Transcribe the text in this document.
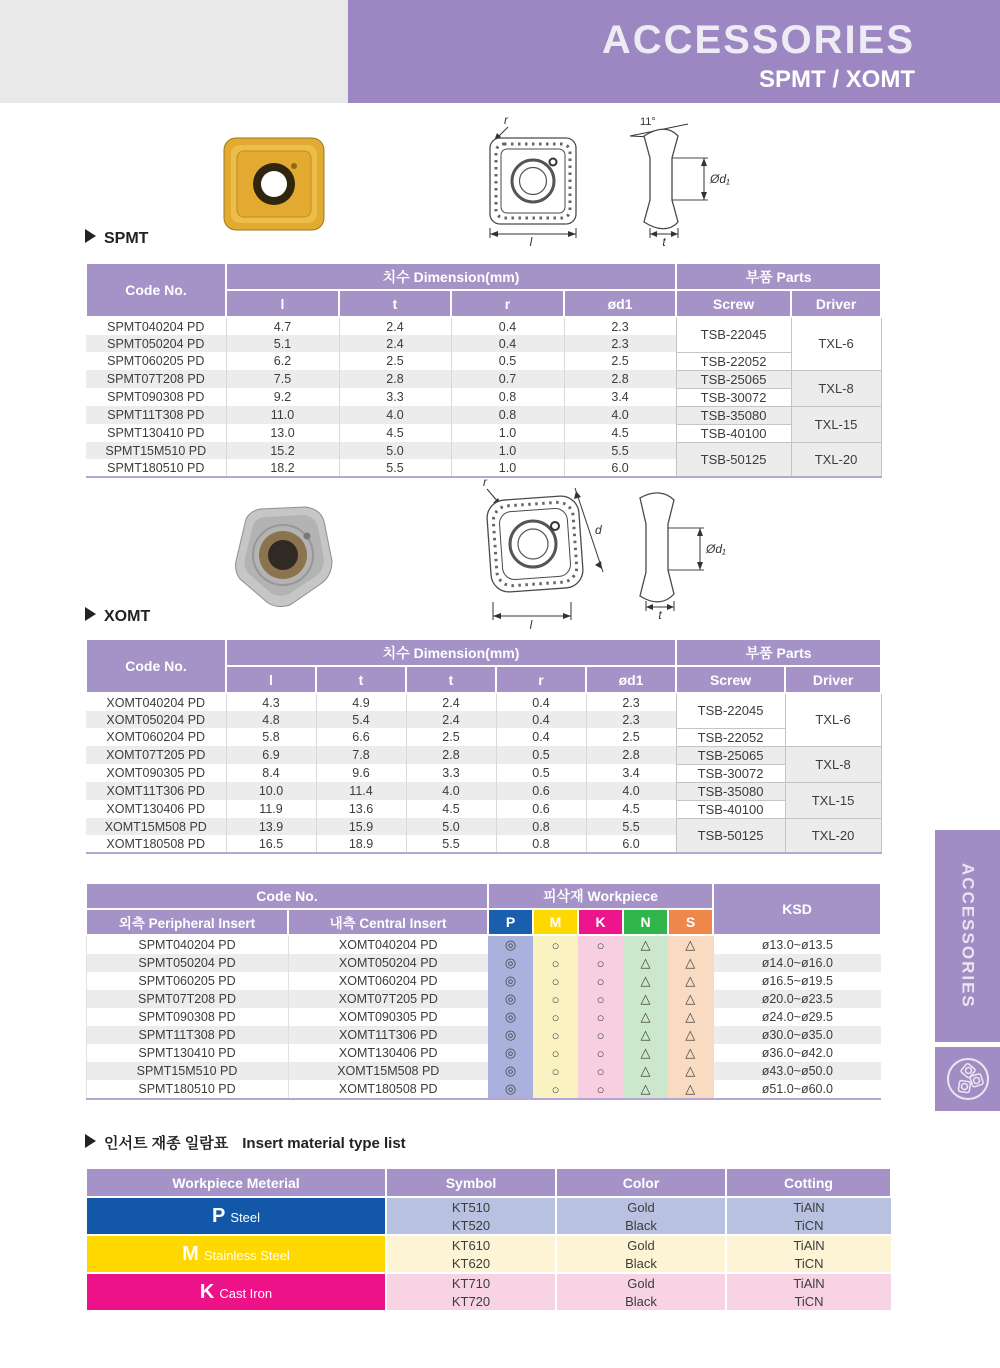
ACCESSORIES
SPMT / XOMT
r
l
11°
Ød₁
t
SPMT
Code No.	치수 Dimension(mm)				부품 Parts	
	l	t	r	ød1	Screw	Driver
SPMT040204 PD	4.7	2.4	0.4	2.3	TSB-22045	TXL-6
SPMT050204 PD	5.1	2.4	0.4	2.3		
SPMT060205 PD	6.2	2.5	0.5	2.5	TSB-22052	
SPMT07T208 PD	7.5	2.8	0.7	2.8	TSB-25065	TXL-8
SPMT090308 PD	9.2	3.3	0.8	3.4	TSB-30072	
SPMT11T308 PD	11.0	4.0	0.8	4.0	TSB-35080	TXL-15
SPMT130410 PD	13.0	4.5	1.0	4.5	TSB-40100	
SPMT15M510 PD	15.2	5.0	1.0	5.5	TSB-50125	TXL-20
SPMT180510 PD	18.2	5.5	1.0	6.0		
r
d
l
Ød₁
t
XOMT
Code No.	치수 Dimension(mm)					부품 Parts	
	l	t	t	r	ød1	Screw	Driver
XOMT040204 PD	4.3	4.9	2.4	0.4	2.3	TSB-22045	TXL-6
XOMT050204 PD	4.8	5.4	2.4	0.4	2.3		
XOMT060204 PD	5.8	6.6	2.5	0.4	2.5	TSB-22052	
XOMT07T205 PD	6.9	7.8	2.8	0.5	2.8	TSB-25065	TXL-8
XOMT090305 PD	8.4	9.6	3.3	0.5	3.4	TSB-30072	
XOMT11T306 PD	10.0	11.4	4.0	0.6	4.0	TSB-35080	TXL-15
XOMT130406 PD	11.9	13.6	4.5	0.6	4.5	TSB-40100	
XOMT15M508 PD	13.9	15.9	5.0	0.8	5.5	TSB-50125	TXL-20
XOMT180508 PD	16.5	18.9	5.5	0.8	6.0		
Code No.		피삭재 Workpiece					KSD
외측 Peripheral Insert	내측 Central Insert	P	M	K	N	S	
SPMT040204 PD	XOMT040204 PD	◎	○	○	△	△	ø13.0~ø13.5
SPMT050204 PD	XOMT050204 PD	◎	○	○	△	△	ø14.0~ø16.0
SPMT060205 PD	XOMT060204 PD	◎	○	○	△	△	ø16.5~ø19.5
SPMT07T208 PD	XOMT07T205 PD	◎	○	○	△	△	ø20.0~ø23.5
SPMT090308 PD	XOMT090305 PD	◎	○	○	△	△	ø24.0~ø29.5
SPMT11T308 PD	XOMT11T306 PD	◎	○	○	△	△	ø30.0~ø35.0
SPMT130410 PD	XOMT130406 PD	◎	○	○	△	△	ø36.0~ø42.0
SPMT15M510 PD	XOMT15M508 PD	◎	○	○	△	△	ø43.0~ø50.0
SPMT180510 PD	XOMT180508 PD	◎	○	○	△	△	ø51.0~ø60.0
ACCESSORIES
인서트 재종 일람표 Insert material type list
Workpiece Meterial	Symbol	Color	Cotting
P Steel	KT510	Gold	TiAlN
	KT520	Black	TiCN
M Stainless Steel	KT610	Gold	TiAlN
	KT620	Black	TiCN
K Cast Iron	KT710	Gold	TiAlN
	KT720	Black	TiCN
